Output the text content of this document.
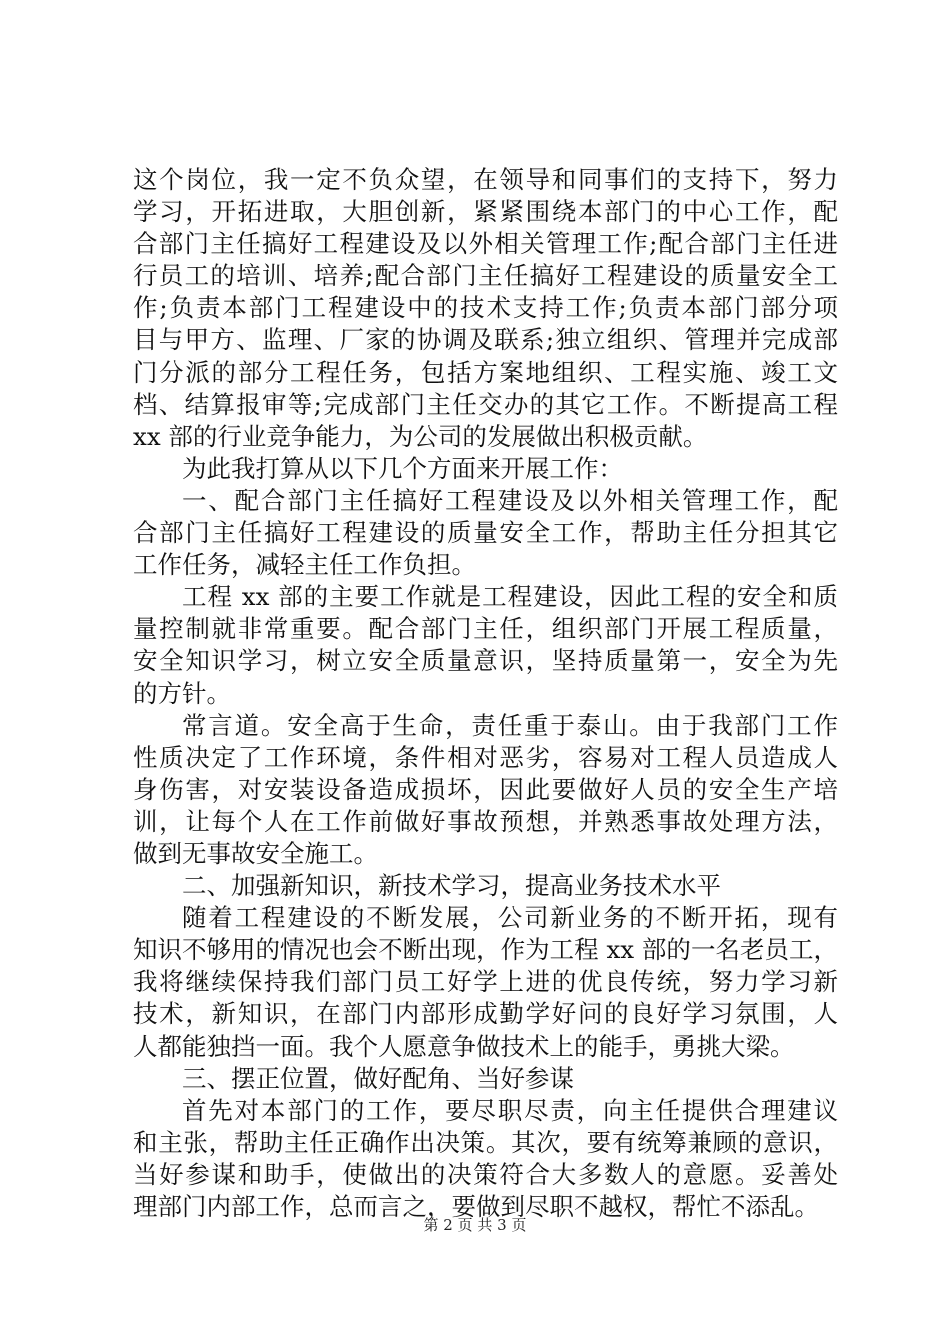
这个岗位，我一定不负众望，在领导和同事们的支持下，努力
学习，开拓进取，大胆创新，紧紧围绕本部门的中心工作，配
合部门主任搞好工程建设及以外相关管理工作;配合部门主任进
行员工的培训、培养;配合部门主任搞好工程建设的质量安全工
作;负责本部门工程建设中的技术支持工作;负责本部门部分项
目与甲方、监理、厂家的协调及联系;独立组织、管理并完成部
门分派的部分工程任务，包括方案地组织、工程实施、竣工文
档、结算报审等;完成部门主任交办的其它工作。不断提高工程
xx 部的行业竞争能力，为公司的发展做出积极贡献。
为此我打算从以下几个方面来开展工作：
一、配合部门主任搞好工程建设及以外相关管理工作，配
合部门主任搞好工程建设的质量安全工作，帮助主任分担其它
工作任务，减轻主任工作负担。
工程 xx 部的主要工作就是工程建设，因此工程的安全和质
量控制就非常重要。配合部门主任，组织部门开展工程质量，
安全知识学习，树立安全质量意识，坚持质量第一，安全为先
的方针。
常言道。安全高于生命，责任重于泰山。由于我部门工作
性质决定了工作环境，条件相对恶劣，容易对工程人员造成人
身伤害，对安装设备造成损坏，因此要做好人员的安全生产培
训，让每个人在工作前做好事故预想，并熟悉事故处理方法，
做到无事故安全施工。
二、加强新知识，新技术学习，提高业务技术水平
随着工程建设的不断发展，公司新业务的不断开拓，现有
知识不够用的情况也会不断出现，作为工程 xx 部的一名老员工，
我将继续保持我们部门员工好学上进的优良传统，努力学习新
技术，新知识，在部门内部形成勤学好问的良好学习氛围，人
人都能独挡一面。我个人愿意争做技术上的能手，勇挑大梁。
三、摆正位置，做好配角、当好参谋
首先对本部门的工作，要尽职尽责，向主任提供合理建议
和主张，帮助主任正确作出决策。其次，要有统筹兼顾的意识，
当好参谋和助手，使做出的决策符合大多数人的意愿。妥善处
理部门内部工作，总而言之，要做到尽职不越权，帮忙不添乱。
第 2 页 共 3 页
